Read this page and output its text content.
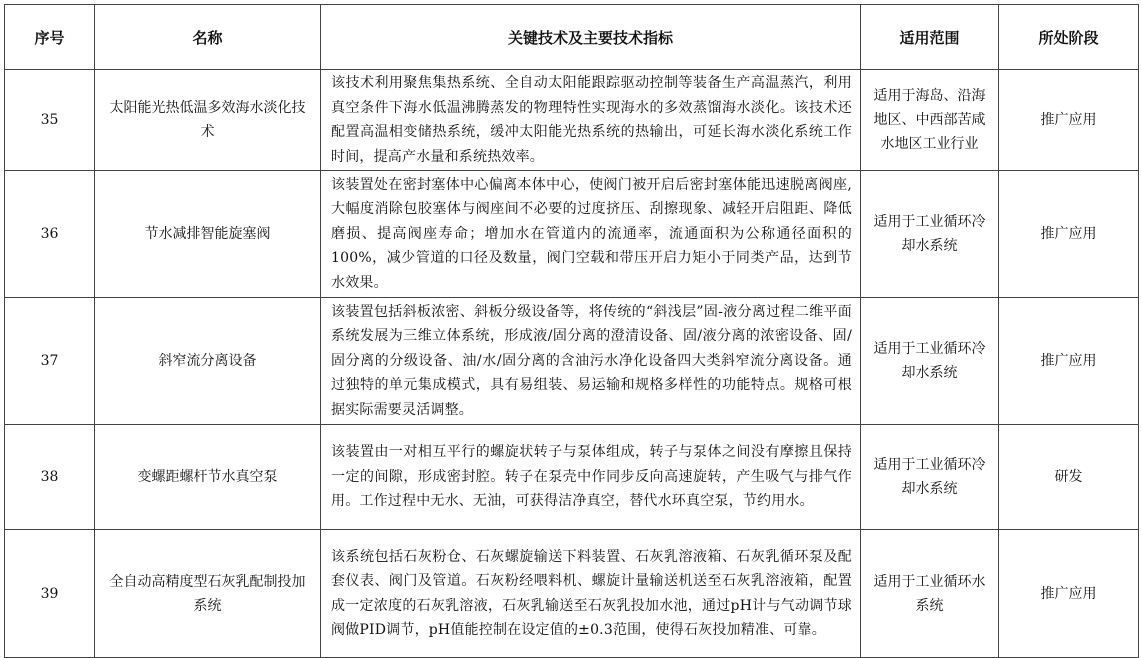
序号	名称	关键技术及主要技术指标	适用范围	所处阶段
35	太阳能光热低温多效海水淡化技术	该技术利用聚焦集热系统、全自动太阳能跟踪驱动控制等装备生产高温蒸汽，利用真空条件下海水低温沸腾蒸发的物理特性实现海水的多效蒸馏海水淡化。该技术还配置高温相变储热系统，缓冲太阳能光热系统的热输出，可延长海水淡化系统工作时间，提高产水量和系统热效率。	适用于海岛、沿海地区、中西部苦咸水地区工业行业	推广应用
36	节水减排智能旋塞阀	该装置处在密封塞体中心偏离本体中心，使阀门被开启后密封塞体能迅速脱离阀座,大幅度消除包胶塞体与阀座间不必要的过度挤压、刮擦现象、减轻开启阻距、降低磨损、提高阀座寿命；增加水在管道内的流通率，流通面积为公称通径面积的100%，减少管道的口径及数量，阀门空载和带压开启力矩小于同类产品，达到节水效果。	适用于工业循环冷却水系统	推广应用
37	斜窄流分离设备	该装置包括斜板浓密、斜板分级设备等，将传统的“斜浅层”固-液分离过程二维平面系统发展为三维立体系统，形成液/固分离的澄清设备、固/液分离的浓密设备、固/固分离的分级设备、油/水/固分离的含油污水净化设备四大类斜窄流分离设备。通过独特的单元集成模式，具有易组装、易运输和规格多样性的功能特点。规格可根据实际需要灵活调整。	适用于工业循环冷却水系统	推广应用
38	变螺距螺杆节水真空泵	该装置由一对相互平行的螺旋状转子与泵体组成，转子与泵体之间没有摩擦且保持一定的间隙，形成密封腔。转子在泵壳中作同步反向高速旋转，产生吸气与排气作用。工作过程中无水、无油，可获得洁净真空，替代水环真空泵，节约用水。	适用于工业循环冷却水系统	研发
39	全自动高精度型石灰乳配制投加系统	该系统包括石灰粉仓、石灰螺旋输送下料装置、石灰乳溶液箱、石灰乳循环泵及配套仪表、阀门及管道。石灰粉经喂料机、螺旋计量输送机送至石灰乳溶液箱，配置成一定浓度的石灰乳溶液，石灰乳输送至石灰乳投加水池，通过pH计与气动调节球阀做PID调节，pH值能控制在设定值的±0.3范围，使得石灰投加精准、可靠。	适用于工业循环水系统	推广应用
